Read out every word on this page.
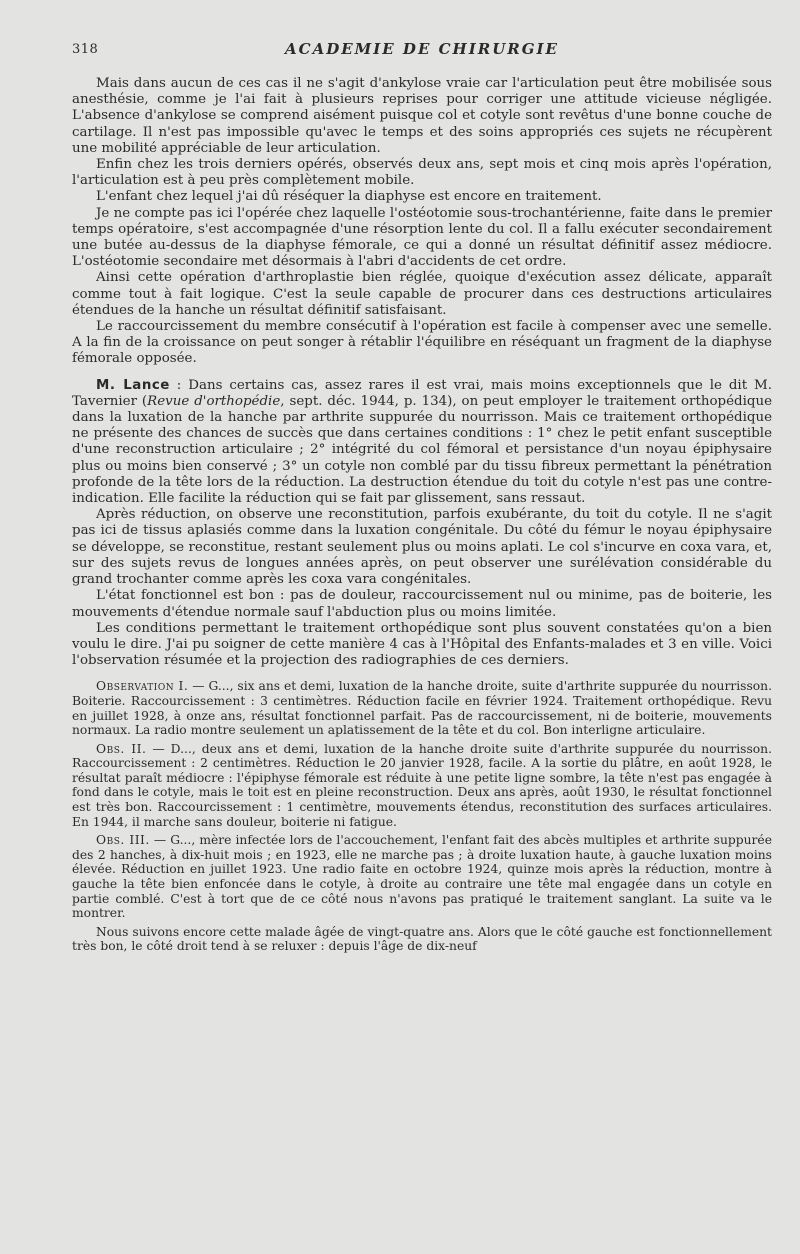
318	ACADEMIE DE CHIRURGIE

Mais dans aucun de ces cas il ne s'agit d'ankylose vraie car l'articulation peut être mobilisée sous anesthésie, comme je l'ai fait à plusieurs reprises pour corriger une attitude vicieuse négligée. L'absence d'ankylose se comprend aisément puisque col et cotyle sont revêtus d'une bonne couche de cartilage. Il n'est pas impossible qu'avec le temps et des soins appropriés ces sujets ne récupèrent une mobilité appréciable de leur articulation.

Enfin chez les trois derniers opérés, observés deux ans, sept mois et cinq mois après l'opération, l'articulation est à peu près complètement mobile.

L'enfant chez lequel j'ai dû réséquer la diaphyse est encore en traitement.

Je ne compte pas ici l'opérée chez laquelle l'ostéotomie sous-trochantérienne, faite dans le premier temps opératoire, s'est accompagnée d'une résorption lente du col. Il a fallu exécuter secondairement une butée au-dessus de la diaphyse fémorale, ce qui a donné un résultat définitif assez médiocre. L'ostéotomie secondaire met désormais à l'abri d'accidents de cet ordre.

Ainsi cette opération d'arthroplastie bien réglée, quoique d'exécution assez délicate, apparaît comme tout à fait logique. C'est la seule capable de procurer dans ces destructions articulaires étendues de la hanche un résultat définitif satisfaisant.

Le raccourcissement du membre consécutif à l'opération est facile à compenser avec une semelle. A la fin de la croissance on peut songer à rétablir l'équilibre en réséquant un fragment de la diaphyse fémorale opposée.

M. Lance : Dans certains cas, assez rares il est vrai, mais moins exceptionnels que le dit M. Tavernier (Revue d'orthopédie, sept. déc. 1944, p. 134), on peut employer le traitement orthopédique dans la luxation de la hanche par arthrite suppurée du nourrisson. Mais ce traitement orthopédique ne présente des chances de succès que dans certaines conditions : 1° chez le petit enfant susceptible d'une reconstruction articulaire ; 2° intégrité du col fémoral et persistance d'un noyau épiphysaire plus ou moins bien conservé ; 3° un cotyle non comblé par du tissu fibreux permettant la pénétration profonde de la tête lors de la réduction. La destruction étendue du toit du cotyle n'est pas une contre-indication. Elle facilite la réduction qui se fait par glissement, sans ressaut.

Après réduction, on observe une reconstitution, parfois exubérante, du toit du cotyle. Il ne s'agit pas ici de tissus aplasiés comme dans la luxation congénitale. Du côté du fémur le noyau épiphysaire se développe, se reconstitue, restant seulement plus ou moins aplati. Le col s'incurve en coxa vara, et, sur des sujets revus de longues années après, on peut observer une surélévation considérable du grand trochanter comme après les coxa vara congénitales.

L'état fonctionnel est bon : pas de douleur, raccourcissement nul ou minime, pas de boiterie, les mouvements d'étendue normale sauf l'abduction plus ou moins limitée.

Les conditions permettant le traitement orthopédique sont plus souvent constatées qu'on a bien voulu le dire. J'ai pu soigner de cette manière 4 cas à l'Hôpital des Enfants-malades et 3 en ville. Voici l'observation résumée et la projection des radiographies de ces derniers.

Observation I. — G..., six ans et demi, luxation de la hanche droite, suite d'arthrite suppurée du nourrisson. Boiterie. Raccourcissement : 3 centimètres. Réduction facile en février 1924. Traitement orthopédique. Revu en juillet 1928, à onze ans, résultat fonctionnel parfait. Pas de raccourcissement, ni de boiterie, mouvements normaux. La radio montre seulement un aplatissement de la tête et du col. Bon interligne articulaire.

Obs. II. — D..., deux ans et demi, luxation de la hanche droite suite d'arthrite suppurée du nourrisson. Raccourcissement : 2 centimètres. Réduction le 20 janvier 1928, facile. A la sortie du plâtre, en août 1928, le résultat paraît médiocre : l'épiphyse fémorale est réduite à une petite ligne sombre, la tête n'est pas engagée à fond dans le cotyle, mais le toit est en pleine reconstruction. Deux ans après, août 1930, le résultat fonctionnel est très bon. Raccourcissement : 1 centimètre, mouvements étendus, reconstitution des surfaces articulaires. En 1944, il marche sans douleur, boiterie ni fatigue.

Obs. III. — G..., mère infectée lors de l'accouchement, l'enfant fait des abcès multiples et arthrite suppurée des 2 hanches, à dix-huit mois ; en 1923, elle ne marche pas ; à droite luxation haute, à gauche luxation moins élevée. Réduction en juillet 1923. Une radio faite en octobre 1924, quinze mois après la réduction, montre à gauche la tête bien enfoncée dans le cotyle, à droite au contraire une tête mal engagée dans un cotyle en partie comblé. C'est à tort que de ce côté nous n'avons pas pratiqué le traitement sanglant. La suite va le montrer.

Nous suivons encore cette malade âgée de vingt-quatre ans. Alors que le côté gauche est fonctionnellement très bon, le côté droit tend à se reluxer : depuis l'âge de dix-neuf
